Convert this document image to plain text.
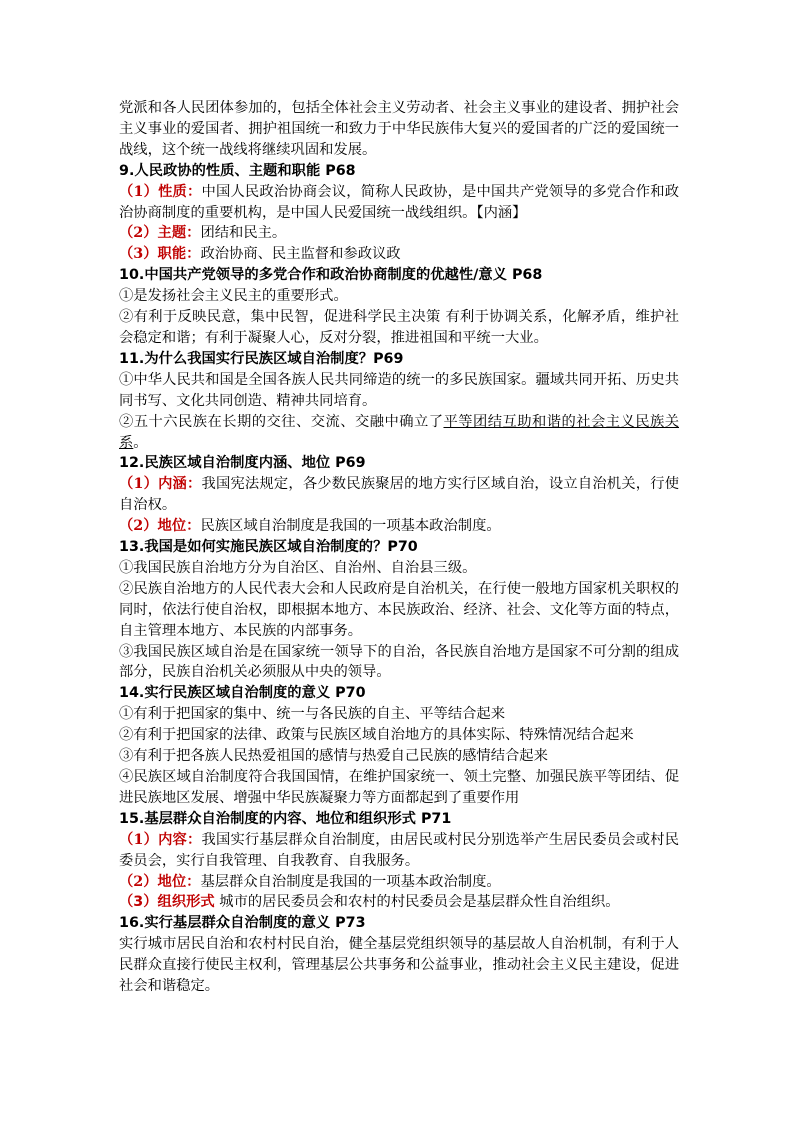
党派和各人民团体参加的，包括全体社会主义劳动者、社会主义事业的建设者、拥护社会主义事业的爱国者、拥护祖国统一和致力于中华民族伟大复兴的爱国者的广泛的爱国统一战线，这个统一战线将继续巩固和发展。

9.人民政协的性质、主题和职能 P68

（1）性质：中国人民政治协商会议，简称人民政协，是中国共产党领导的多党合作和政治协商制度的重要机构，是中国人民爱国统一战线组织。【内涵】

（2）主题：团结和民主。

（3）职能：政治协商、民主监督和参政议政

10.中国共产党领导的多党合作和政治协商制度的优越性/意义 P68

①是发扬社会主义民主的重要形式。

②有利于反映民意，集中民智，促进科学民主决策 有利于协调关系，化解矛盾，维护社会稳定和谐；有利于凝聚人心，反对分裂，推进祖国和平统一大业。

11.为什么我国实行民族区域自治制度？P69

①中华人民共和国是全国各族人民共同缔造的统一的多民族国家。疆域共同开拓、历史共同书写、文化共同创造、精神共同培育。

②五十六民族在长期的交往、交流、交融中确立了平等团结互助和谐的社会主义民族关系。

12.民族区域自治制度内涵、地位 P69

（1）内涵：我国宪法规定，各少数民族聚居的地方实行区域自治，设立自治机关，行使自治权。

（2）地位：民族区域自治制度是我国的一项基本政治制度。

13.我国是如何实施民族区域自治制度的？P70

①我国民族自治地方分为自治区、自治州、自治县三级。

②民族自治地方的人民代表大会和人民政府是自治机关，在行使一般地方国家机关职权的同时，依法行使自治权，即根据本地方、本民族政治、经济、社会、文化等方面的特点，自主管理本地方、本民族的内部事务。

③我国民族区域自治是在国家统一领导下的自治，各民族自治地方是国家不可分割的组成部分，民族自治机关必须服从中央的领导。

14.实行民族区域自治制度的意义 P70

①有利于把国家的集中、统一与各民族的自主、平等结合起来

②有利于把国家的法律、政策与民族区域自治地方的具体实际、特殊情况结合起来

③有利于把各族人民热爱祖国的感情与热爱自己民族的感情结合起来

④民族区域自治制度符合我国国情，在维护国家统一、领土完整、加强民族平等团结、促进民族地区发展、增强中华民族凝聚力等方面都起到了重要作用

15.基层群众自治制度的内容、地位和组织形式 P71

（1）内容：我国实行基层群众自治制度，由居民或村民分别选举产生居民委员会或村民委员会，实行自我管理、自我教育、自我服务。

（2）地位：基层群众自治制度是我国的一项基本政治制度。

（3）组织形式 城市的居民委员会和农村的村民委员会是基层群众性自治组织。

16.实行基层群众自治制度的意义 P73

实行城市居民自治和农村村民自治，健全基层党组织领导的基层故人自治机制，有利于人民群众直接行使民主权利，管理基层公共事务和公益事业，推动社会主义民主建设，促进社会和谐稳定。
